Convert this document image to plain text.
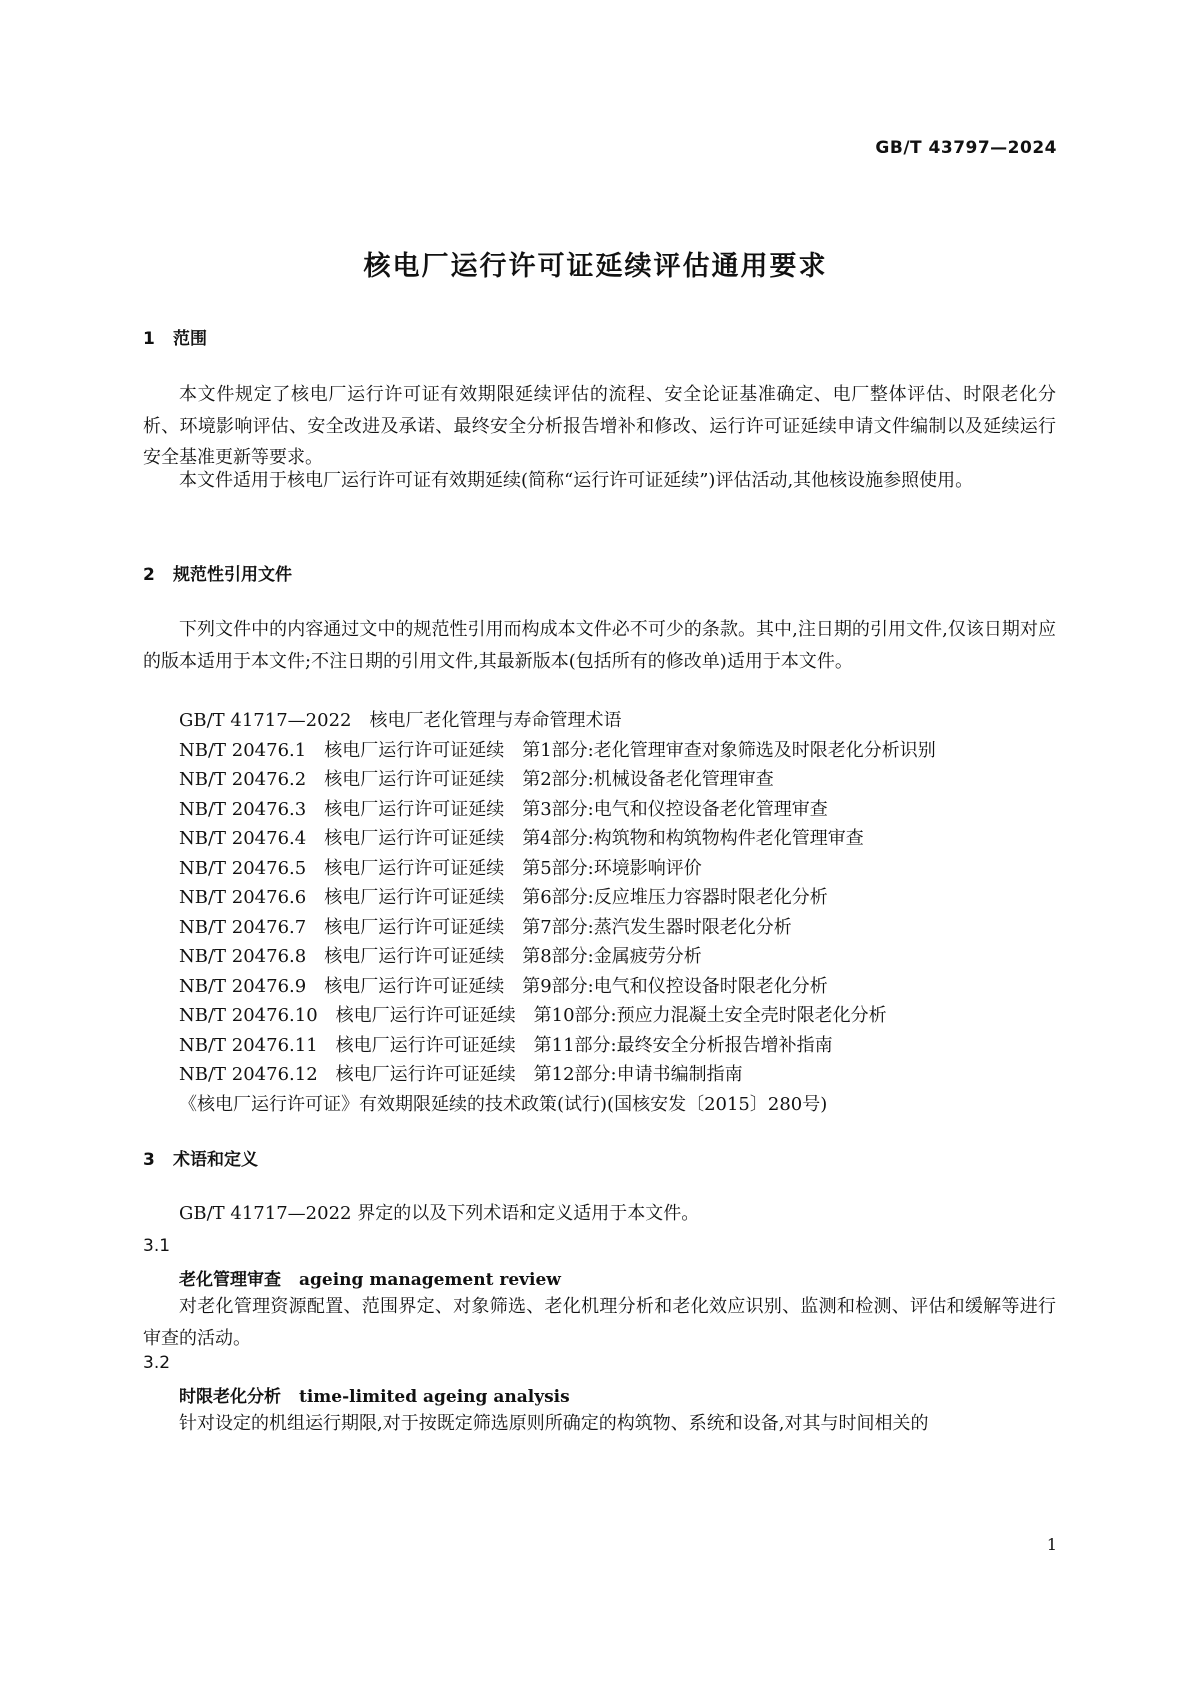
GB/T 43797—2024
核电厂运行许可证延续评估通用要求
1 范围
本文件规定了核电厂运行许可证有效期限延续评估的流程、安全论证基准确定、电厂整体评估、时限老化分析、环境影响评估、安全改进及承诺、最终安全分析报告增补和修改、运行许可证延续申请文件编制以及延续运行安全基准更新等要求。
本文件适用于核电厂运行许可证有效期延续(简称“运行许可证延续”)评估活动,其他核设施参照使用。
2 规范性引用文件
下列文件中的内容通过文中的规范性引用而构成本文件必不可少的条款。其中,注日期的引用文件,仅该日期对应的版本适用于本文件;不注日期的引用文件,其最新版本(包括所有的修改单)适用于本文件。
GB/T 41717—2022 核电厂老化管理与寿命管理术语
NB/T 20476.1 核电厂运行许可证延续　第1部分:老化管理审查对象筛选及时限老化分析识别
NB/T 20476.2 核电厂运行许可证延续　第2部分:机械设备老化管理审查
NB/T 20476.3 核电厂运行许可证延续　第3部分:电气和仪控设备老化管理审查
NB/T 20476.4 核电厂运行许可证延续　第4部分:构筑物和构筑物构件老化管理审查
NB/T 20476.5 核电厂运行许可证延续　第5部分:环境影响评价
NB/T 20476.6 核电厂运行许可证延续　第6部分:反应堆压力容器时限老化分析
NB/T 20476.7 核电厂运行许可证延续　第7部分:蒸汽发生器时限老化分析
NB/T 20476.8 核电厂运行许可证延续　第8部分:金属疲劳分析
NB/T 20476.9 核电厂运行许可证延续　第9部分:电气和仪控设备时限老化分析
NB/T 20476.10 核电厂运行许可证延续　第10部分:预应力混凝土安全壳时限老化分析
NB/T 20476.11 核电厂运行许可证延续　第11部分:最终安全分析报告增补指南
NB/T 20476.12 核电厂运行许可证延续　第12部分:申请书编制指南
《核电厂运行许可证》有效期限延续的技术政策(试行)(国核安发〔2015〕280号)
3 术语和定义
GB/T 41717—2022 界定的以及下列术语和定义适用于本文件。
3.1
老化管理审查 ageing management review
对老化管理资源配置、范围界定、对象筛选、老化机理分析和老化效应识别、监测和检测、评估和缓解等进行审查的活动。
3.2
时限老化分析 time-limited ageing analysis
针对设定的机组运行期限,对于按既定筛选原则所确定的构筑物、系统和设备,对其与时间相关的
1
